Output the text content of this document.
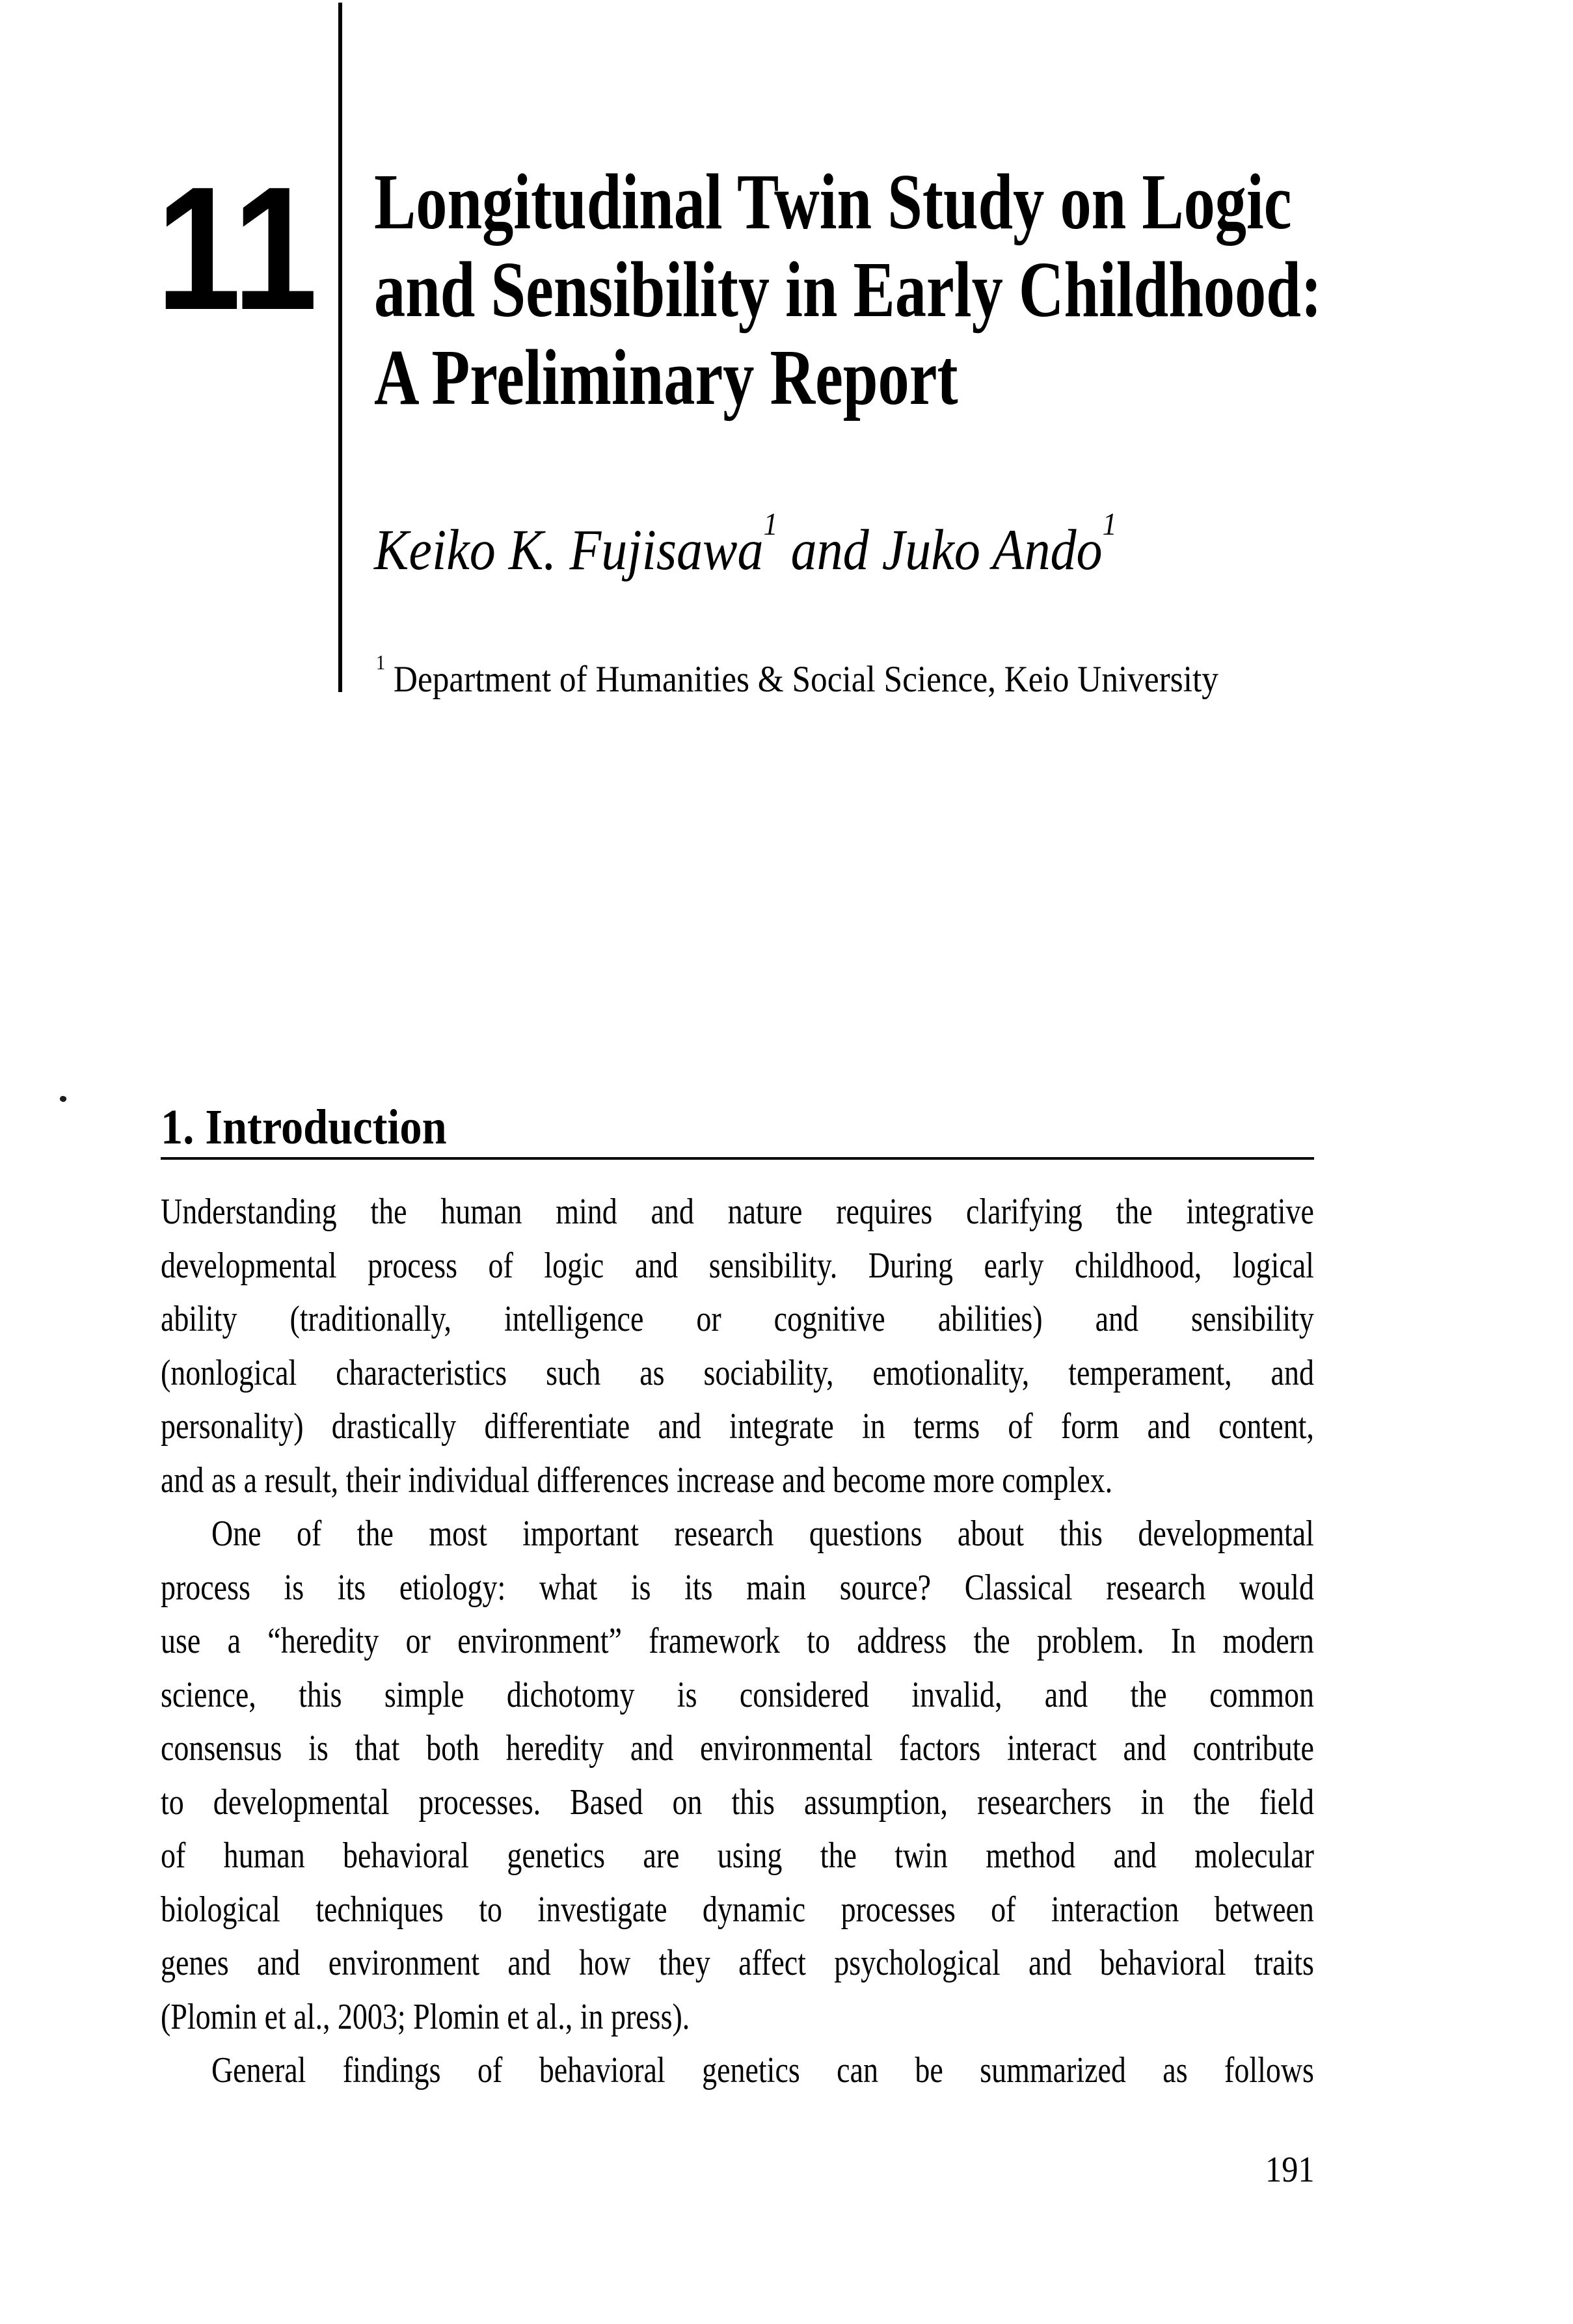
11 Longitudinal Twin Study on Logic
and Sensibility in Early Childhood:
A Preliminary Report
Keiko K. Fujisawa$^1$ and Juko Ando$^1$
$^1$ Department of Humanities & Social Science, Keio University
1. Introduction
Understanding the human mind and nature requires clarifying the integrative
developmental process of logic and sensibility. During early childhood, logical
ability (traditionally, intelligence or cognitive abilities) and sensibility
(nonlogical characteristics such as sociability, emotionality, temperament, and
personality) drastically differentiate and integrate in terms of form and content,
and as a result, their individual differences increase and become more complex.
One of the most important research questions about this developmental
process is its etiology: what is its main source? Classical research would
use a “heredity or environment” framework to address the problem. In modern
science, this simple dichotomy is considered invalid, and the common
consensus is that both heredity and environmental factors interact and contribute
to developmental processes. Based on this assumption, researchers in the field
of human behavioral genetics are using the twin method and molecular
biological techniques to investigate dynamic processes of interaction between
genes and environment and how they affect psychological and behavioral traits
(Plomin et al., 2003; Plomin et al., in press).
General findings of behavioral genetics can be summarized as follows
191
